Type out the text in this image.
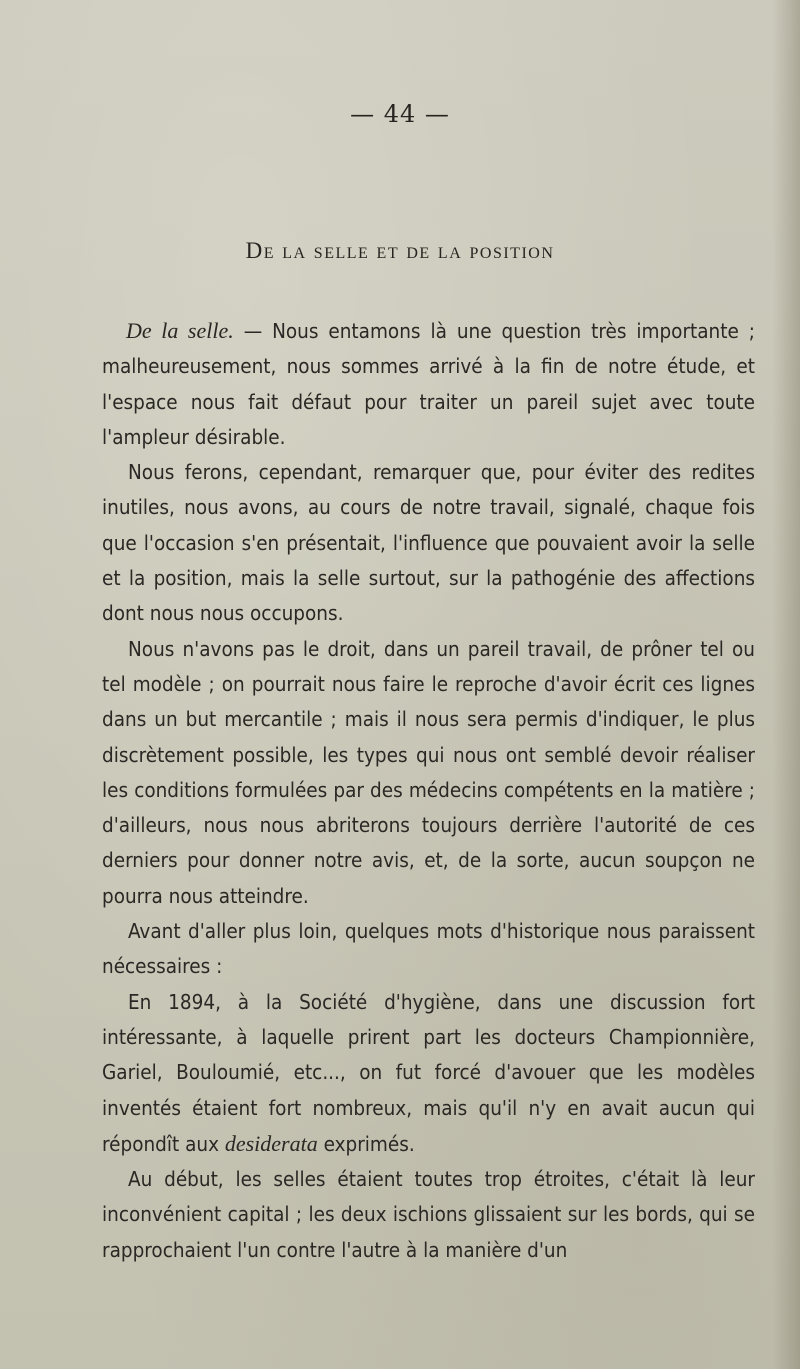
— 44 —
De la selle et de la position

De la selle. — Nous entamons là une question très importante ; malheureusement, nous sommes arrivé à la fin de notre étude, et l'espace nous fait défaut pour traiter un pareil sujet avec toute l'ampleur désirable.

Nous ferons, cependant, remarquer que, pour éviter des redites inutiles, nous avons, au cours de notre travail, signalé, chaque fois que l'occasion s'en présentait, l'influence que pouvaient avoir la selle et la position, mais la selle surtout, sur la pathogénie des affections dont nous nous occupons.

Nous n'avons pas le droit, dans un pareil travail, de prôner tel ou tel modèle ; on pourrait nous faire le reproche d'avoir écrit ces lignes dans un but mercantile ; mais il nous sera permis d'indiquer, le plus discrètement possible, les types qui nous ont semblé devoir réaliser les conditions formulées par des médecins compétents en la matière ; d'ailleurs, nous nous abriterons toujours derrière l'autorité de ces derniers pour donner notre avis, et, de la sorte, aucun soupçon ne pourra nous atteindre.

Avant d'aller plus loin, quelques mots d'historique nous paraissent nécessaires :

En 1894, à la Société d'hygiène, dans une discussion fort intéressante, à laquelle prirent part les docteurs Championnière, Gariel, Bouloumié, etc..., on fut forcé d'avouer que les modèles inventés étaient fort nombreux, mais qu'il n'y en avait aucun qui répondît aux desiderata exprimés.

Au début, les selles étaient toutes trop étroites, c'était là leur inconvénient capital ; les deux ischions glissaient sur les bords, qui se rapprochaient l'un contre l'autre à la manière d'un
